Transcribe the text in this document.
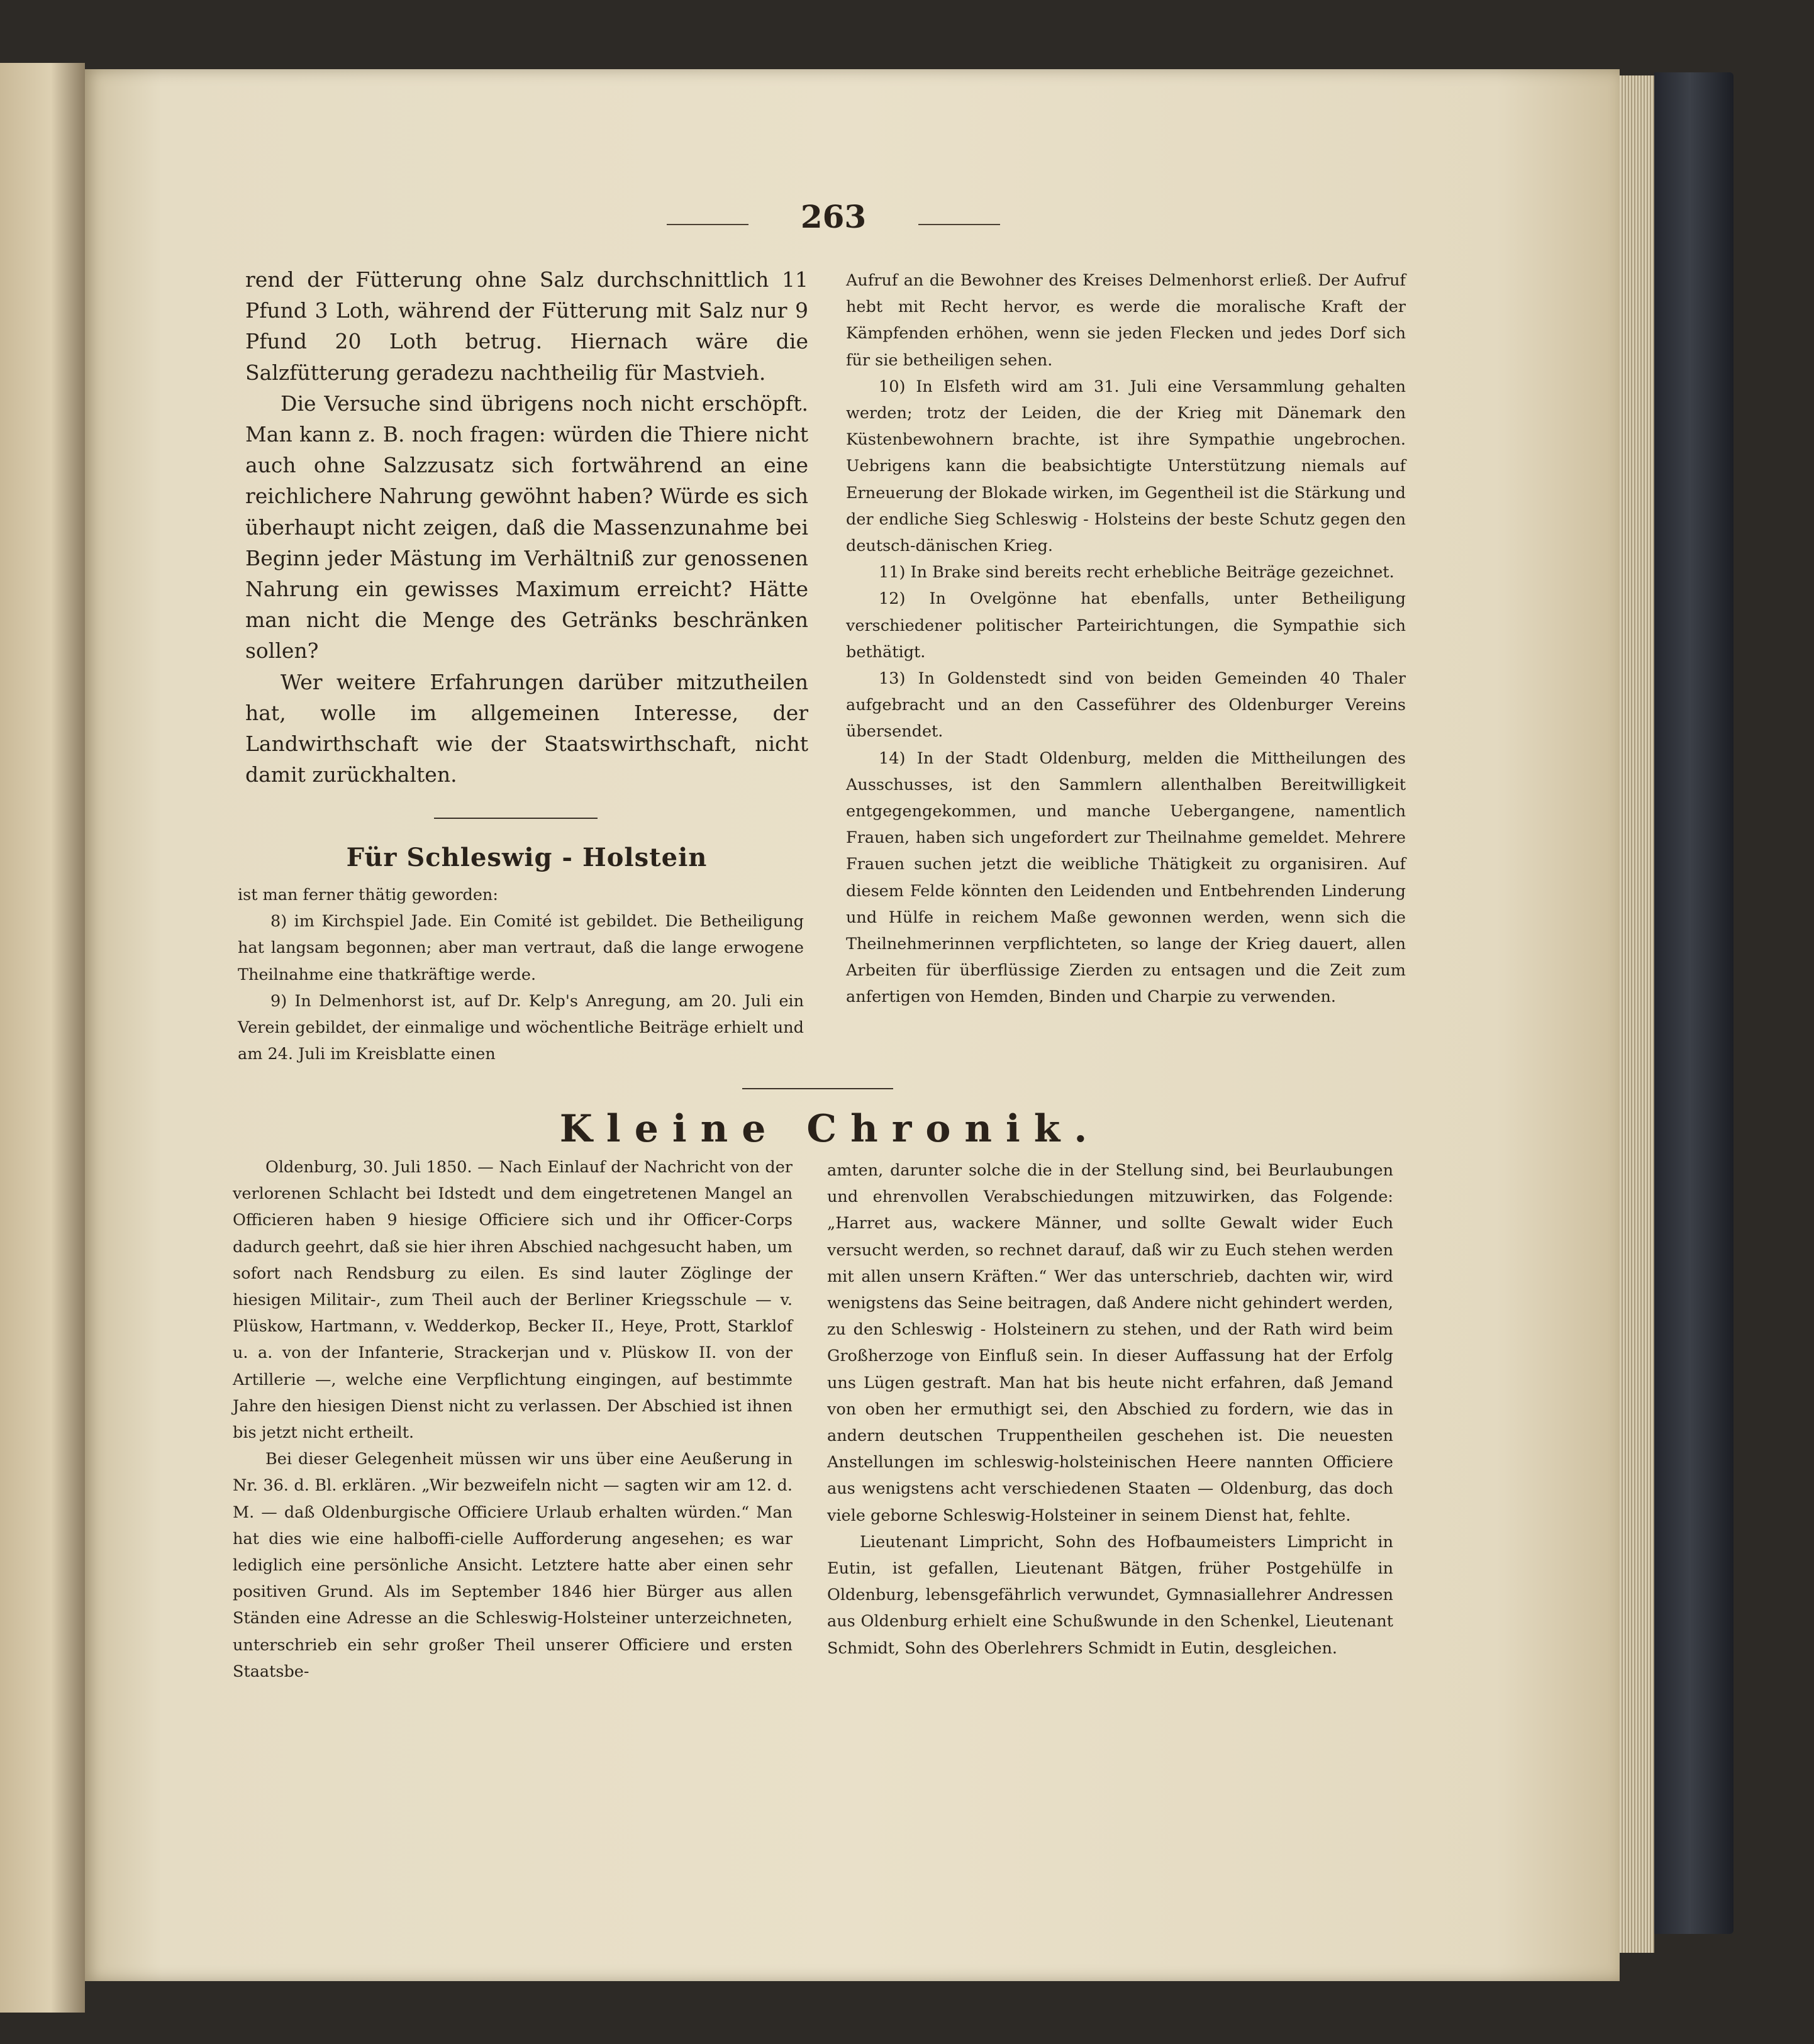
263

rend der Fütterung ohne Salz durchschnittlich 11 Pfund 3 Loth, während der Fütterung mit Salz nur 9 Pfund 20 Loth betrug. Hiernach wäre die Salzfütterung geradezu nachtheilig für Mastvieh.

Die Versuche sind übrigens noch nicht erschöpft. Man kann z. B. noch fragen: würden die Thiere nicht auch ohne Salzzusatz sich fortwährend an eine reichlichere Nahrung gewöhnt haben? Würde es sich überhaupt nicht zeigen, daß die Massenzunahme bei Beginn jeder Mästung im Verhältniß zur genossenen Nahrung ein gewisses Maximum erreicht? Hätte man nicht die Menge des Getränks beschränken sollen?

Wer weitere Erfahrungen darüber mitzutheilen hat, wolle im allgemeinen Interesse, der Landwirthschaft wie der Staatswirthschaft, nicht damit zurückhalten.

Für Schleswig - Holstein

ist man ferner thätig geworden:

8) im Kirchspiel Jade. Ein Comité ist gebildet. Die Betheiligung hat langsam begonnen; aber man vertraut, daß die lange erwogene Theilnahme eine thatkräftige werde.

9) In Delmenhorst ist, auf Dr. Kelp's Anregung, am 20. Juli ein Verein gebildet, der einmalige und wöchentliche Beiträge erhielt und am 24. Juli im Kreisblatte einen

Aufruf an die Bewohner des Kreises Delmenhorst erließ. Der Aufruf hebt mit Recht hervor, es werde die moralische Kraft der Kämpfenden erhöhen, wenn sie jeden Flecken und jedes Dorf sich für sie betheiligen sehen.

10) In Elsfeth wird am 31. Juli eine Versammlung gehalten werden; trotz der Leiden, die der Krieg mit Dänemark den Küstenbewohnern brachte, ist ihre Sympathie ungebrochen. Uebrigens kann die beabsichtigte Unterstützung niemals auf Erneuerung der Blokade wirken, im Gegentheil ist die Stärkung und der endliche Sieg Schleswig - Holsteins der beste Schutz gegen den deutsch-dänischen Krieg.

11) In Brake sind bereits recht erhebliche Beiträge gezeichnet.

12) In Ovelgönne hat ebenfalls, unter Betheiligung verschiedener politischer Parteirichtungen, die Sympathie sich bethätigt.

13) In Goldenstedt sind von beiden Gemeinden 40 Thaler aufgebracht und an den Casseführer des Oldenburger Vereins übersendet.

14) In der Stadt Oldenburg, melden die Mittheilungen des Ausschusses, ist den Sammlern allenthalben Bereitwilligkeit entgegengekommen, und manche Uebergangene, namentlich Frauen, haben sich ungefordert zur Theilnahme gemeldet. Mehrere Frauen suchen jetzt die weibliche Thätigkeit zu organisiren. Auf diesem Felde könnten den Leidenden und Entbehrenden Linderung und Hülfe in reichem Maße gewonnen werden, wenn sich die Theilnehmerinnen verpflichteten, so lange der Krieg dauert, allen Arbeiten für überflüssige Zierden zu entsagen und die Zeit zum anfertigen von Hemden, Binden und Charpie zu verwenden.

Kleine Chronik.

Oldenburg, 30. Juli 1850. — Nach Einlauf der Nachricht von der verlorenen Schlacht bei Idstedt und dem eingetretenen Mangel an Officieren haben 9 hiesige Officiere sich und ihr Officer-Corps dadurch geehrt, daß sie hier ihren Abschied nachgesucht haben, um sofort nach Rendsburg zu eilen. Es sind lauter Zöglinge der hiesigen Militair-, zum Theil auch der Berliner Kriegsschule — v. Plüskow, Hartmann, v. Wedderkop, Becker II., Heye, Prott, Starklof u. a. von der Infanterie, Strackerjan und v. Plüskow II. von der Artillerie —, welche eine Verpflichtung eingingen, auf bestimmte Jahre den hiesigen Dienst nicht zu verlassen. Der Abschied ist ihnen bis jetzt nicht ertheilt.

Bei dieser Gelegenheit müssen wir uns über eine Aeußerung in Nr. 36. d. Bl. erklären. „Wir bezweifeln nicht — sagten wir am 12. d. M. — daß Oldenburgische Officiere Urlaub erhalten würden.“ Man hat dies wie eine halboffi-cielle Aufforderung angesehen; es war lediglich eine persönliche Ansicht. Letztere hatte aber einen sehr positiven Grund. Als im September 1846 hier Bürger aus allen Ständen eine Adresse an die Schleswig-Holsteiner unterzeichneten, unterschrieb ein sehr großer Theil unserer Officiere und ersten Staatsbe-

amten, darunter solche die in der Stellung sind, bei Beurlaubungen und ehrenvollen Verabschiedungen mitzuwirken, das Folgende: „Harret aus, wackere Männer, und sollte Gewalt wider Euch versucht werden, so rechnet darauf, daß wir zu Euch stehen werden mit allen unsern Kräften.“ Wer das unterschrieb, dachten wir, wird wenigstens das Seine beitragen, daß Andere nicht gehindert werden, zu den Schleswig - Holsteinern zu stehen, und der Rath wird beim Großherzoge von Einfluß sein. In dieser Auffassung hat der Erfolg uns Lügen gestraft. Man hat bis heute nicht erfahren, daß Jemand von oben her ermuthigt sei, den Abschied zu fordern, wie das in andern deutschen Truppentheilen geschehen ist. Die neuesten Anstellungen im schleswig-holsteinischen Heere nannten Officiere aus wenigstens acht verschiedenen Staaten — Oldenburg, das doch viele geborne Schleswig-Holsteiner in seinem Dienst hat, fehlte.

Lieutenant Limpricht, Sohn des Hofbaumeisters Limpricht in Eutin, ist gefallen, Lieutenant Bätgen, früher Postgehülfe in Oldenburg, lebensgefährlich verwundet, Gymnasiallehrer Andressen aus Oldenburg erhielt eine Schußwunde in den Schenkel, Lieutenant Schmidt, Sohn des Oberlehrers Schmidt in Eutin, desgleichen.
